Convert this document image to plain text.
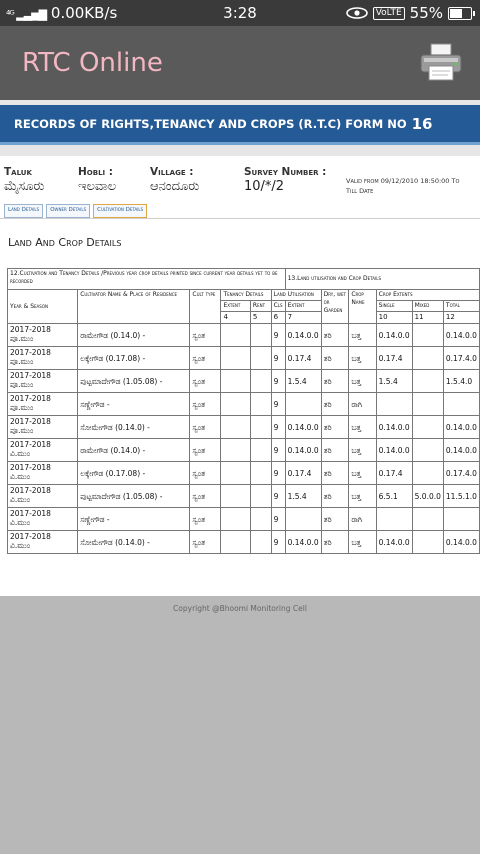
⁴ᴳ ▂▃▅▇ 0.00KB/s	3:28	VoLTE 55%
RTC Online
RECORDS OF RIGHTS,TENANCY AND CROPS (R.T.C) FORM NO 16
Taluk
ಮೈಸೂರು
Hobli :
ಇಲವಾಲ
Village :
ಆನಂದೂರು
Survey Number :
10/*/2	Valid from 09/12/2010 18:50:00 To
Till Date
Land Details	Owner Details	Cultivation Details
Land And Crop Details
12.Cultivation and Tenancy Details /Previous year crop details printed since current year details yet to be recorded						13.Land utilisation and Crop Details					
Year & Season	Cultivator Name & Place of Residence	Cult type	Tenancy Details		Land Utilisation		Dry, wet or Garden	Crop Name	Crop Extents		
			Extent	Rent	Cls	Extent			Single	Mixed	Total
			4	5	6	7			10	11	12

2017-2018
ಪೂ.ಮುಂ	ರಾಮೇಗೌಡ (0.14.0) -	ಸ್ವಂತ			9	0.14.0.0	ತರಿ	ಬತ್ತ	0.14.0.0		0.14.0.0

2017-2018
ಪೂ.ಮುಂ	ಲಕ್ಕೇಗೌಡ (0.17.08) -	ಸ್ವಂತ			9	0.17.4	ತರಿ	ಬತ್ತ	0.17.4		0.17.4.0

2017-2018
ಪೂ.ಮುಂ	ಪುಟ್ಟಮಾದೇಗೌಡ (1.05.08) -	ಸ್ವಂತ			9	1.5.4	ತರಿ	ಬತ್ತ	1.5.4		1.5.4.0

2017-2018
ಪೂ.ಮುಂ	ಸಣ್ಣೇಗೌಡ -	ಸ್ವಂತ			9		ತರಿ	ರಾಗಿ			

2017-2018
ಪೂ.ಮುಂ	ಸೋಮೇಗೌಡ (0.14.0) -	ಸ್ವಂತ			9	0.14.0.0	ತರಿ	ಬತ್ತ	0.14.0.0		0.14.0.0

2017-2018
ವಿ.ಮುಂ	ರಾಮೇಗೌಡ (0.14.0) -	ಸ್ವಂತ			9	0.14.0.0	ತರಿ	ಬತ್ತ	0.14.0.0		0.14.0.0

2017-2018
ವಿ.ಮುಂ	ಲಕ್ಕೇಗೌಡ (0.17.08) -	ಸ್ವಂತ			9	0.17.4	ತರಿ	ಬತ್ತ	0.17.4		0.17.4.0

2017-2018
ವಿ.ಮುಂ	ಪುಟ್ಟಮಾದೇಗೌಡ (1.05.08) -	ಸ್ವಂತ			9	1.5.4	ತರಿ	ಬತ್ತ	6.5.1	5.0.0.0	11.5.1.0

2017-2018
ವಿ.ಮುಂ	ಸಣ್ಣೇಗೌಡ -	ಸ್ವಂತ			9		ತರಿ	ರಾಗಿ			

2017-2018
ವಿ.ಮುಂ	ಸೋಮೇಗೌಡ (0.14.0) -	ಸ್ವಂತ			9	0.14.0.0	ತರಿ	ಬತ್ತ	0.14.0.0		0.14.0.0
Copyright @Bhoomi Monitoring Cell
